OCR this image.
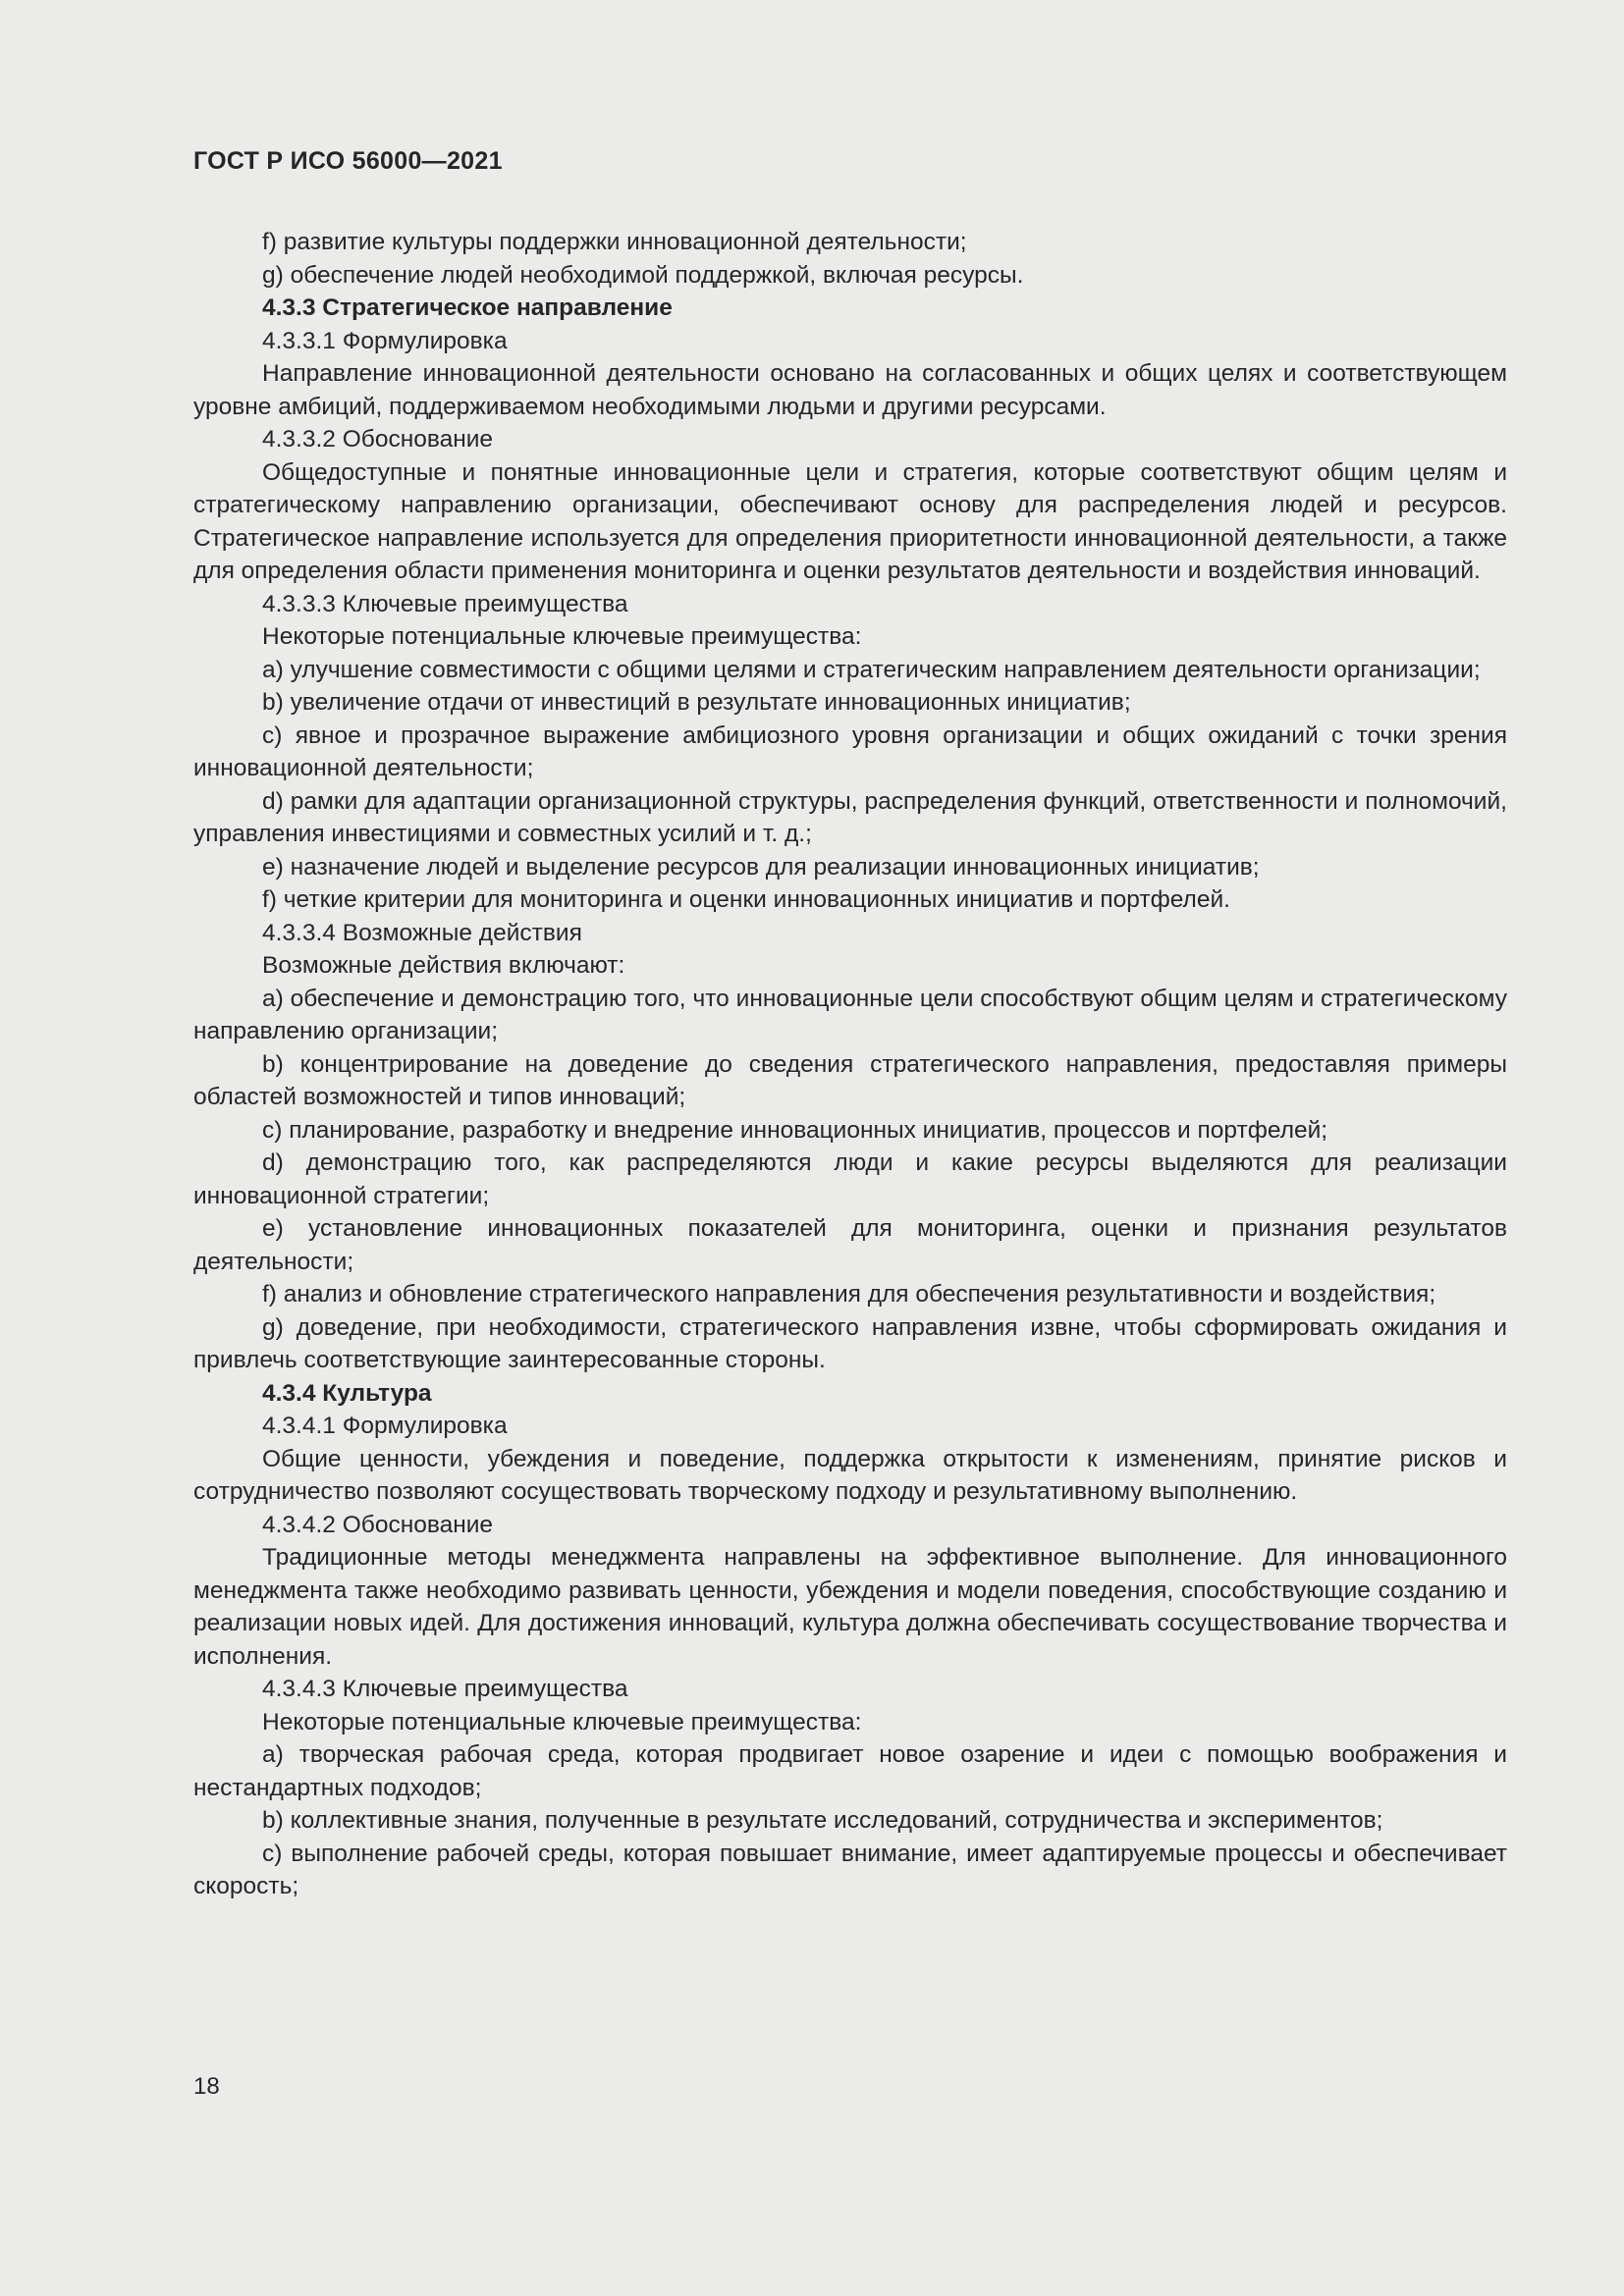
ГОСТ Р ИСО 56000—2021

f) развитие культуры поддержки инновационной деятельности;

g) обеспечение людей необходимой поддержкой, включая ресурсы.

4.3.3 Стратегическое направление

4.3.3.1 Формулировка

Направление инновационной деятельности основано на согласованных и общих целях и соответствующем уровне амбиций, поддерживаемом необходимыми людьми и другими ресурсами.

4.3.3.2 Обоснование

Общедоступные и понятные инновационные цели и стратегия, которые соответствуют общим целям и стратегическому направлению организации, обеспечивают основу для распределения людей и ресурсов. Стратегическое направление используется для определения приоритетности инновационной деятельности, а также для определения области применения мониторинга и оценки результатов деятельности и воздействия инноваций.

4.3.3.3 Ключевые преимущества

Некоторые потенциальные ключевые преимущества:

a) улучшение совместимости с общими целями и стратегическим направлением деятельности организации;

b) увеличение отдачи от инвестиций в результате инновационных инициатив;

c) явное и прозрачное выражение амбициозного уровня организации и общих ожиданий с точки зрения инновационной деятельности;

d) рамки для адаптации организационной структуры, распределения функций, ответственности и полномочий, управления инвестициями и совместных усилий и т. д.;

e) назначение людей и выделение ресурсов для реализации инновационных инициатив;

f) четкие критерии для мониторинга и оценки инновационных инициатив и портфелей.

4.3.3.4 Возможные действия

Возможные действия включают:

a) обеспечение и демонстрацию того, что инновационные цели способствуют общим целям и стратегическому направлению организации;

b) концентрирование на доведение до сведения стратегического направления, предоставляя примеры областей возможностей и типов инноваций;

c) планирование, разработку и внедрение инновационных инициатив, процессов и портфелей;

d) демонстрацию того, как распределяются люди и какие ресурсы выделяются для реализации инновационной стратегии;

e) установление инновационных показателей для мониторинга, оценки и признания результатов деятельности;

f) анализ и обновление стратегического направления для обеспечения результативности и воздействия;

g) доведение, при необходимости, стратегического направления извне, чтобы сформировать ожидания и привлечь соответствующие заинтересованные стороны.

4.3.4 Культура

4.3.4.1 Формулировка

Общие ценности, убеждения и поведение, поддержка открытости к изменениям, принятие рисков и сотрудничество позволяют сосуществовать творческому подходу и результативному выполнению.

4.3.4.2 Обоснование

Традиционные методы менеджмента направлены на эффективное выполнение. Для инновационного менеджмента также необходимо развивать ценности, убеждения и модели поведения, способствующие созданию и реализации новых идей. Для достижения инноваций, культура должна обеспечивать сосуществование творчества и исполнения.

4.3.4.3 Ключевые преимущества

Некоторые потенциальные ключевые преимущества:

a) творческая рабочая среда, которая продвигает новое озарение и идеи с помощью воображения и нестандартных подходов;

b) коллективные знания, полученные в результате исследований, сотрудничества и экспериментов;

c) выполнение рабочей среды, которая повышает внимание, имеет адаптируемые процессы и обеспечивает скорость;

18
